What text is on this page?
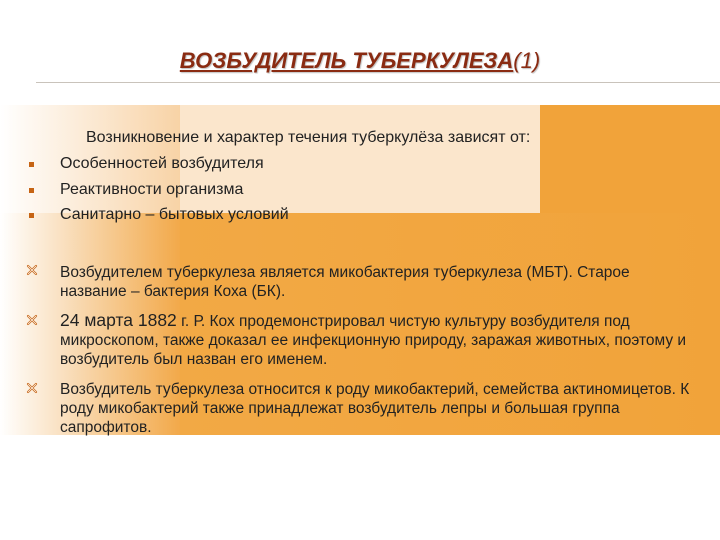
ВОЗБУДИТЕЛЬ ТУБЕРКУЛЕЗА(1)
Возникновение и характер течения туберкулёза зависят от:
Особенностей возбудителя
Реактивности организма
Санитарно – бытовых условий
Возбудителем туберкулеза является микобактерия туберкулеза (МБТ). Старое название – бактерия Коха (БК).
24 марта 1882 г. Р. Кох продемонстрировал чистую культуру возбудителя под микроскопом, также доказал ее инфекционную природу, заражая животных, поэтому и возбудитель был назван его именем.
Возбудитель туберкулеза относится к роду микобактерий, семейства актиномицетов. К роду микобактерий также принадлежат возбудитель лепры и большая группа сапрофитов.
